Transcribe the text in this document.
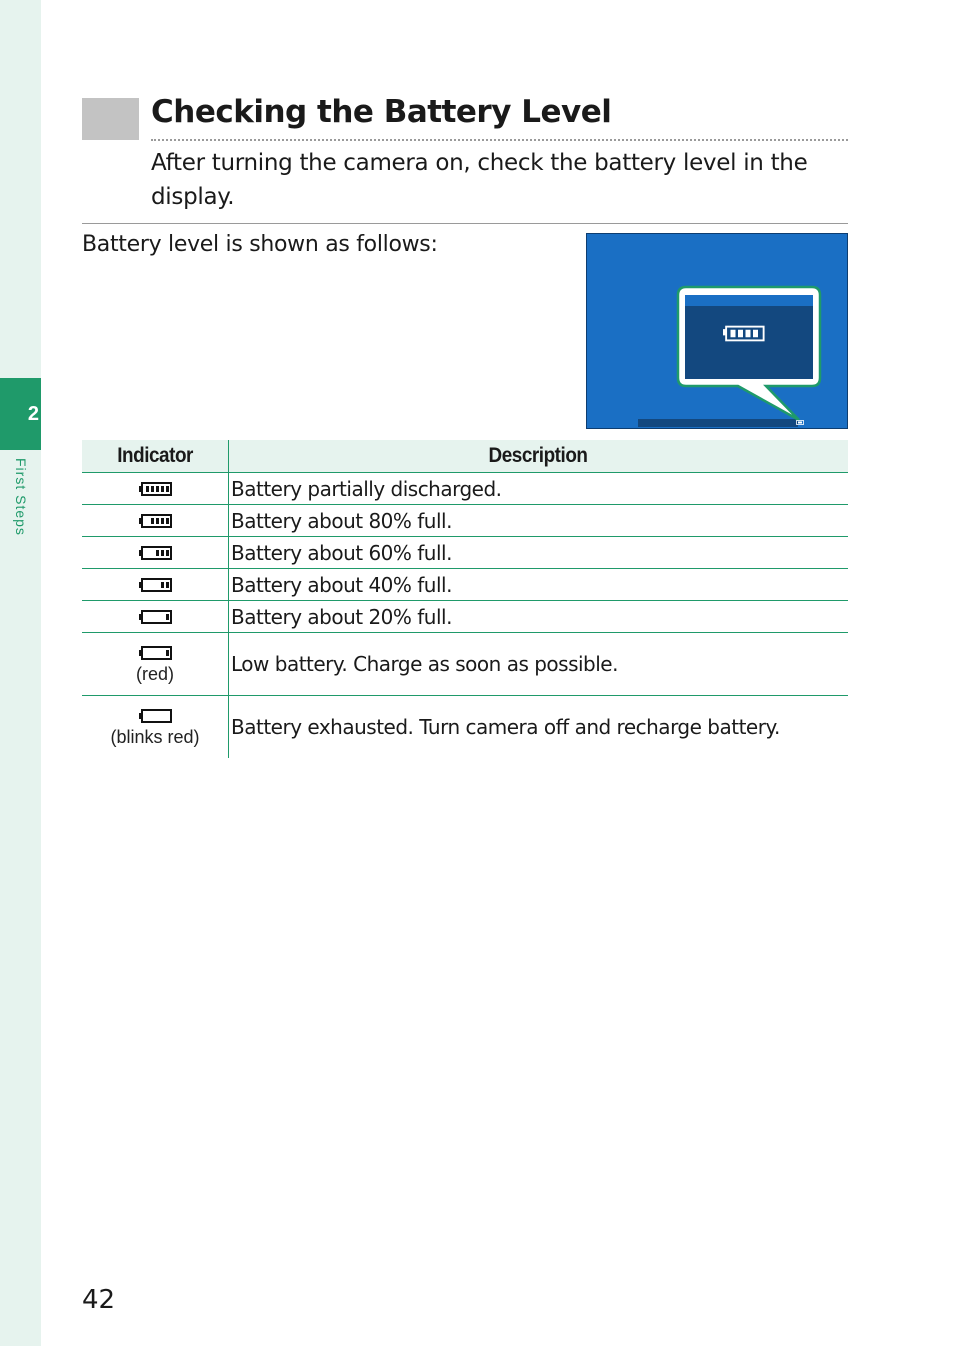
2
First Steps
Checking the Battery Level

After turning the camera on, check the battery level in the display.

Battery level is shown as follows:

Indicator	Description

	Battery partially discharged.

	Battery about 80% full.

	Battery about 60% full.

	Battery about 40% full.

	Battery about 20% full.

(red)	Low battery. Charge as soon as possible.

(blinks red)	Battery exhausted. Turn camera off and recharge battery.
42
